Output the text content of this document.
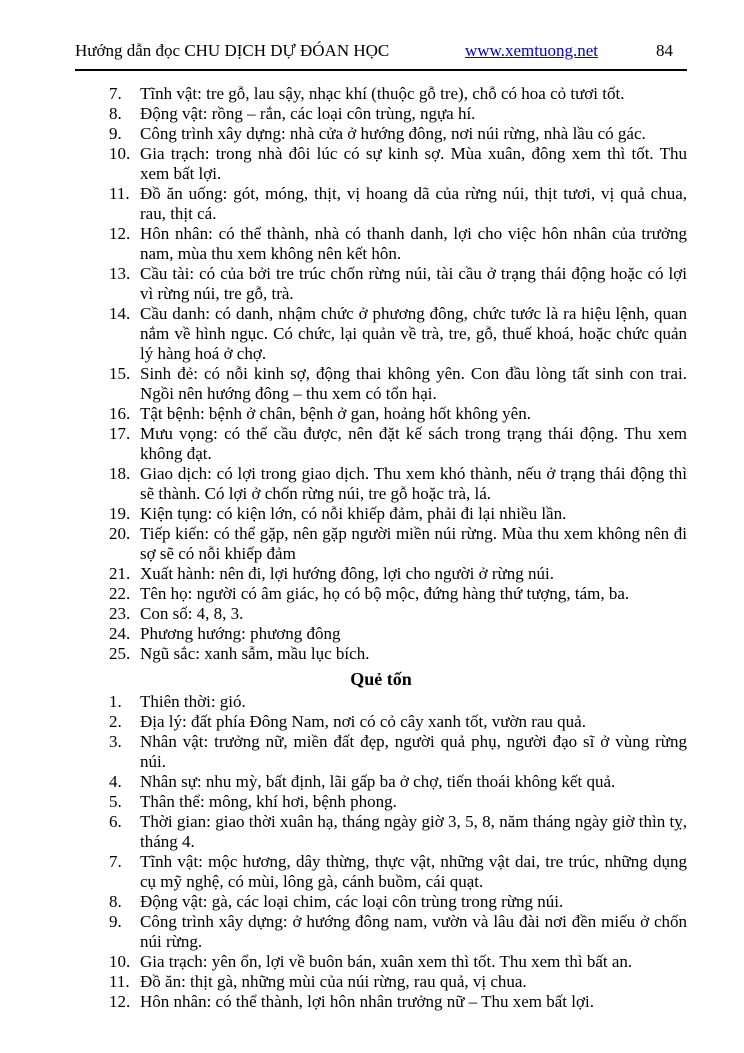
Hướng dẫn đọc CHU DỊCH DỰ ĐÓAN HỌC	www.xemtuong.net	84
7.	Tĩnh vật: tre gỗ, lau sậy, nhạc khí (thuộc gỗ tre), chỗ có hoa cỏ tươi tốt.
8.	Động vật: rồng – rắn, các loại côn trùng, ngựa hí.
9.	Công trình xây dựng: nhà cửa ở hướng đông, nơi núi rừng, nhà lầu có gác.
10. Gia trạch: trong nhà đôi lúc có sự kinh sợ. Mùa xuân, đông xem thì tốt. Thu xem bất lợi.
11. Đồ ăn uống: gót, móng, thịt, vị hoang dã của rừng núi, thịt tươi, vị quả chua, rau, thịt cá.
12. Hôn nhân: có thể thành, nhà có thanh danh, lợi cho việc hôn nhân của trưởng nam, mùa thu xem không nên kết hôn.
13. Cầu tài: có của bởi tre trúc chốn rừng núi, tài cầu ở trạng thái động hoặc có lợi vì rừng núi, tre gỗ, trà.
14. Cầu danh: có danh, nhậm chức ở phương đông, chức tước là ra hiệu lệnh, quan nắm về hình ngục. Có chức, lại quản về trà, tre, gỗ, thuế khoá, hoặc chức quản lý hàng hoá ở chợ.
15. Sinh đẻ: có nỗi kinh sợ, động thai không yên. Con đầu lòng tất sinh con trai. Ngồi nên hướng đông – thu xem có tổn hại.
16. Tật bệnh: bệnh ở chân, bệnh ở gan, hoảng hốt không yên.
17. Mưu vọng: có thể cầu được, nên đặt kế sách trong trạng thái động. Thu xem không đạt.
18. Giao dịch: có lợi trong giao dịch. Thu xem khó thành, nếu ở trạng thái động thì sẽ thành. Có lợi ở chốn rừng núi, tre gỗ hoặc trà, lá.
19. Kiện tụng: có kiện lớn, có nỗi khiếp đảm, phải đi lại nhiều lần.
20. Tiếp kiến: có thể gặp, nên gặp người miền núi rừng. Mùa thu xem không nên đi sợ sẽ có nỗi khiếp đảm
21. Xuất hành: nên đi, lợi hướng đông, lợi cho người ở rừng núi.
22. Tên họ: người có âm giác, họ có bộ mộc, đứng hàng thứ tượng, tám, ba.
23. Con số: 4, 8, 3.
24. Phương hướng: phương đông
25. Ngũ sắc: xanh sẫm, mầu lục bích.
Quẻ tốn
1.	Thiên thời: gió.
2.	Địa lý: đất phía Đông Nam, nơi có cỏ cây xanh tốt, vườn rau quả.
3.	Nhân vật: trưởng nữ, miền đất đẹp, người quả phụ, người đạo sĩ ở vùng rừng núi.
4.	Nhân sự: nhu mỳ, bất định, lãi gấp ba ở chợ, tiến thoái không kết quả.
5.	Thân thể: mông, khí hơi, bệnh phong.
6.	Thời gian: giao thời xuân hạ, tháng ngày giờ 3, 5, 8, năm tháng ngày giờ thìn tỵ, tháng 4.
7.	Tĩnh vật: mộc hương, dây thừng, thực vật, những vật dai, tre trúc, những dụng cụ mỹ nghệ, có mùi, lông gà, cánh buồm, cái quạt.
8.	Động vật: gà, các loại chim, các loại côn trùng trong rừng núi.
9.	Công trình xây dựng: ở hướng đông nam, vườn và lâu đài nơi đền miếu ở chốn núi rừng.
10. Gia trạch: yên ổn, lợi về buôn bán, xuân xem thì tốt. Thu xem thì bất an.
11. Đồ ăn: thịt gà, những mùi của núi rừng, rau quả, vị chua.
12. Hôn nhân: có thể thành, lợi hôn nhân trưởng nữ – Thu xem bất lợi.
